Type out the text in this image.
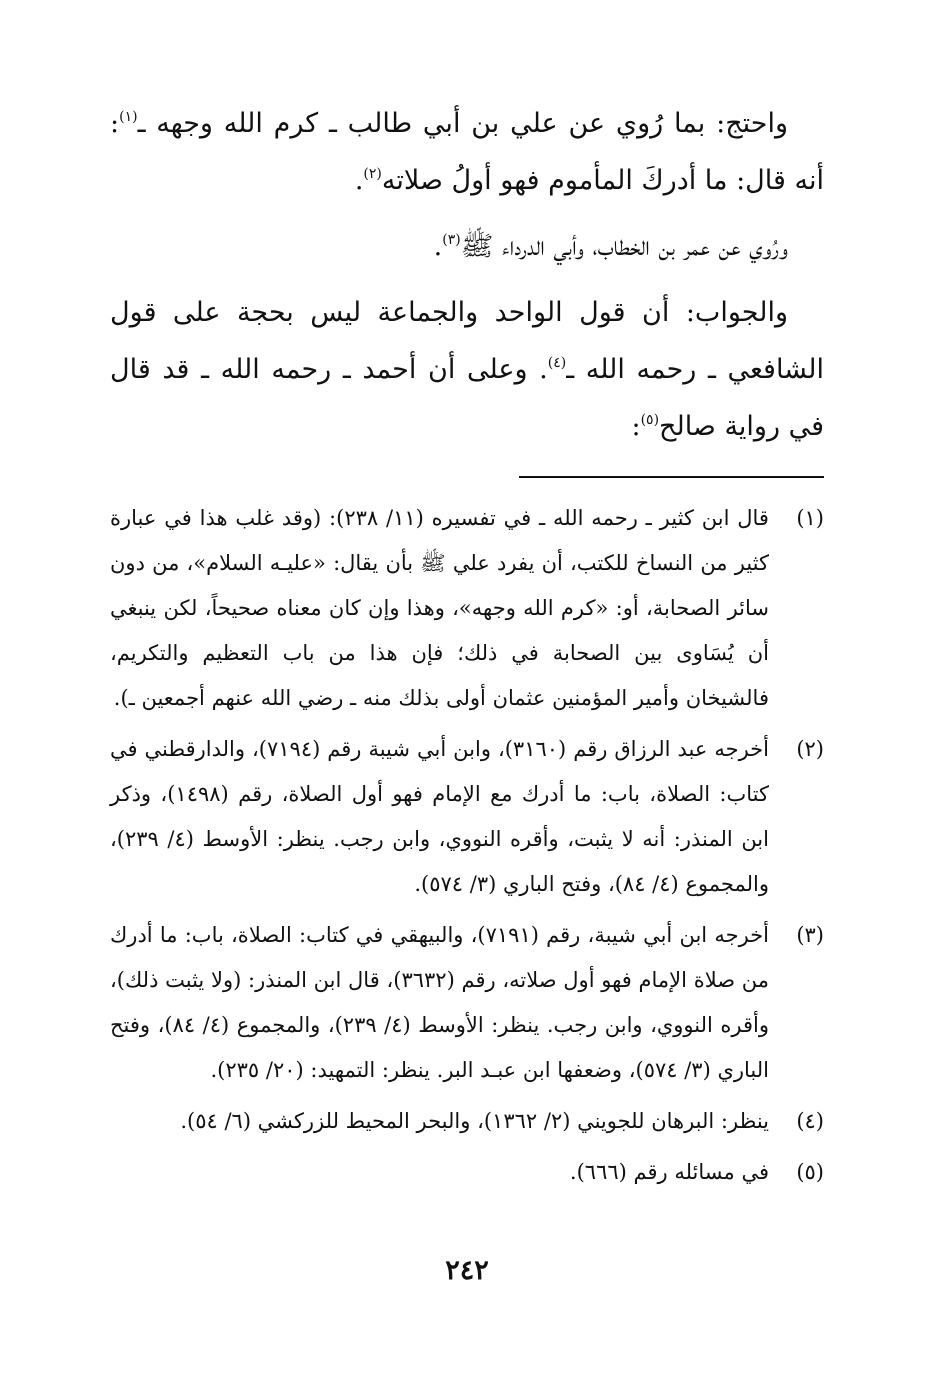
واحتج: بما رُوي عن علي بن أبي طالب ـ كرم الله وجهه ـ$^{(١)}$: أنه قال: ما أدركَ المأموم فهو أولُ صلاته$^{(٢)}$.

ورُوي عن عمر بن الخطاب، وأبي الدرداء ﷺ$^{(٣)}$.

والجواب: أن قول الواحد والجماعة ليس بحجة على قول الشافعي ـ رحمه الله ـ$^{(٤)}$. وعلى أن أحمد ـ رحمه الله ـ قد قال في رواية صالح$^{(٥)}$:

(١)
قال ابن كثير ـ رحمه الله ـ في تفسيره (١١/ ٢٣٨): (وقد غلب هذا في عبارة كثير من النساخ للكتب، أن يفرد علي ﷺ بأن يقال: «عليـه السلام»، من دون سائر الصحابة، أو: «كرم الله وجهه»، وهذا وإن كان معناه صحيحاً، لكن ينبغي أن يُسَاوى بين الصحابة في ذلك؛ فإن هذا من باب التعظيم والتكريم، فالشيخان وأمير المؤمنين عثمان أولى بذلك منه ـ رضي الله عنهم أجمعين ـ).
(٢)
أخرجه عبد الرزاق رقم (٣١٦٠)، وابن أبي شيبة رقم (٧١٩٤)، والدارقطني في كتاب: الصلاة، باب: ما أدرك مع الإمام فهو أول الصلاة، رقم (١٤٩٨)، وذكر ابن المنذر: أنه لا يثبت، وأقره النووي، وابن رجب. ينظر: الأوسط (٤/ ٢٣٩)، والمجموع (٤/ ٨٤)، وفتح الباري (٣/ ٥٧٤).
(٣)
أخرجه ابن أبي شيبة، رقم (٧١٩١)، والبيهقي في كتاب: الصلاة، باب: ما أدرك من صلاة الإمام فهو أول صلاته، رقم (٣٦٣٢)، قال ابن المنذر: (ولا يثبت ذلك)، وأقره النووي، وابن رجب. ينظر: الأوسط (٤/ ٢٣٩)، والمجموع (٤/ ٨٤)، وفتح الباري (٣/ ٥٧٤)، وضعفها ابن عبـد البر. ينظر: التمهيد: (٢٠/ ٢٣٥).
(٤)
ينظر: البرهان للجويني (٢/ ١٣٦٢)، والبحر المحيط للزركشي (٦/ ٥٤).
(٥)
في مسائله رقم (٦٦٦).
٢٤٢
